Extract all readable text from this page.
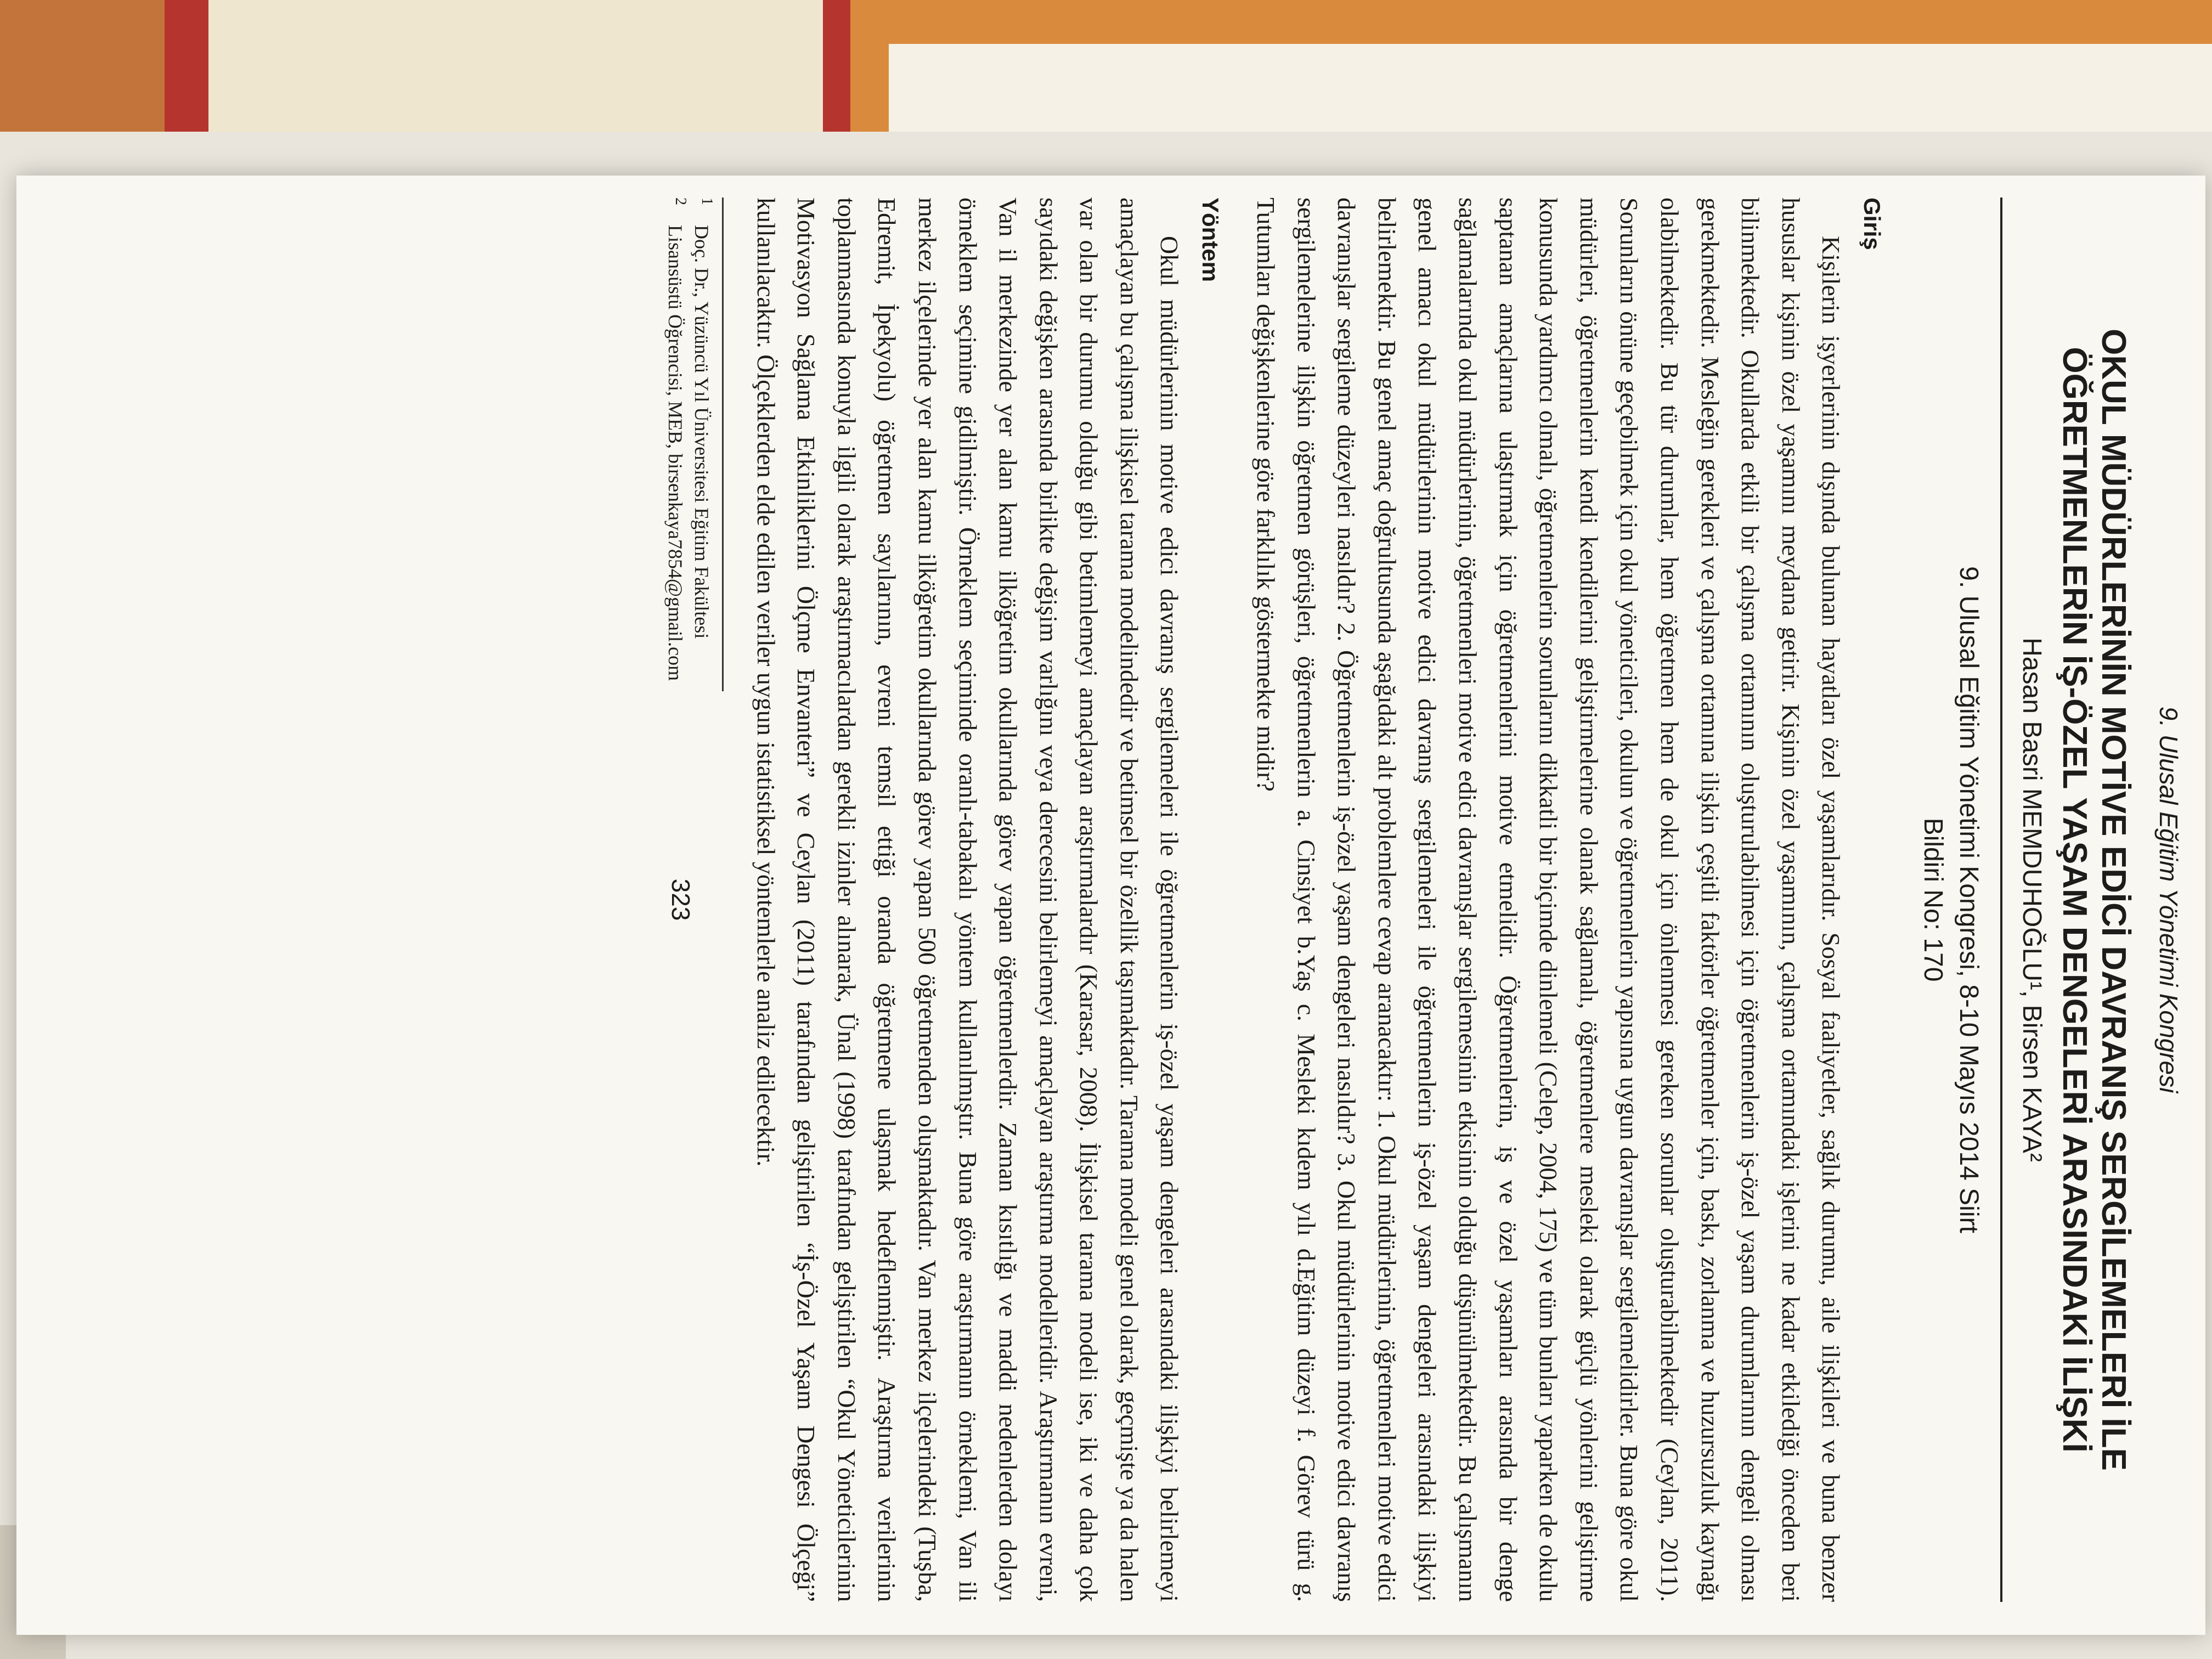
9. Ulusal Eğitim Yönetimi Kongresi

OKUL MÜDÜRLERİNİN MOTİVE EDİCİ DAVRANIŞ SERGİLEMELERİ İLE

ÖĞRETMENLERİN İŞ-ÖZEL YAŞAM DENGELERİ ARASINDAKİ İLİŞKİ

Hasan Basri MEMDUHOĞLU¹, Birsen KAYA²

9. Ulusal Eğitim Yönetimi Kongresi, 8-10 Mayıs 2014 Siirt

Bildiri No: 170

Giriş

Kişilerin işyerlerinin dışında bulunan hayatları özel yaşamlarıdır. Sosyal faaliyetler, sağlık durumu, aile ilişkileri ve buna benzer hususlar kişinin özel yaşamını meydana getirir. Kişinin özel yaşamının, çalışma ortamındaki işlerini ne kadar etkilediği önceden beri bilinmektedir. Okullarda etkili bir çalışma ortamının oluşturulabilmesi için öğretmenlerin iş-özel yaşam durumlarının dengeli olması gerekmektedir. Mesleğin gerekleri ve çalışma ortamına ilişkin çeşitli faktörler öğretmenler için, baskı, zorlanma ve huzursuzluk kaynağı olabilmektedir. Bu tür durumlar, hem öğretmen hem de okul için önlenmesi gereken sorunlar oluşturabilmektedir (Ceylan, 2011). Sorunların önüne geçebilmek için okul yöneticileri, okulun ve öğretmenlerin yapısına uygun davranışlar sergilemelidirler. Buna göre okul müdürleri, öğretmenlerin kendi kendilerini geliştirmelerine olanak sağlamalı, öğretmenlere mesleki olarak güçlü yönlerini geliştirme konusunda yardımcı olmalı, öğretmenlerin sorunlarını dikkatli bir biçimde dinlemeli (Celep, 2004, 175) ve tüm bunları yaparken de okulu saptanan amaçlarına ulaştırmak için öğretmenlerini motive etmelidir. Öğretmenlerin, iş ve özel yaşamları arasında bir denge sağlamalarında okul müdürlerinin, öğretmenleri motive edici davranışlar sergilemesinin etkisinin olduğu düşünülmektedir. Bu çalışmanın genel amacı okul müdürlerinin motive edici davranış sergilemeleri ile öğretmenlerin iş-özel yaşam dengeleri arasındaki ilişkiyi belirlemektir. Bu genel amaç doğrultusunda aşağıdaki alt problemlere cevap aranacaktır: 1. Okul müdürlerinin, öğretmenleri motive edici davranışlar sergileme düzeyleri nasıldır? 2. Öğretmenlerin iş-özel yaşam dengeleri nasıldır? 3. Okul müdürlerinin motive edici davranış sergilemelerine ilişkin öğretmen görüşleri, öğretmenlerin a. Cinsiyet b.Yaş c. Mesleki kıdem yılı d.Eğitim düzeyi f. Görev türü g. Tutumları değişkenlerine göre farklılık göstermekte midir?

Yöntem

Okul müdürlerinin motive edici davranış sergilemeleri ile öğretmenlerin iş-özel yaşam dengeleri arasındaki ilişkiyi belirlemeyi amaçlayan bu çalışma ilişkisel tarama modelindedir ve betimsel bir özellik taşımaktadır. Tarama modeli genel olarak, geçmişte ya da halen var olan bir durumu olduğu gibi betimlemeyi amaçlayan araştırmalardır (Karasar, 2008). İlişkisel tarama modeli ise, iki ve daha çok sayıdaki değişken arasında birlikte değişim varlığını veya derecesini belirlemeyi amaçlayan araştırma modelleridir. Araştırmanın evreni, Van il merkezinde yer alan kamu ilköğretim okullarında görev yapan öğretmenlerdir. Zaman kısıtlığı ve maddi nedenlerden dolayı örneklem seçimine gidilmiştir. Örneklem seçiminde oranlı-tabakalı yöntem kullanılmıştır. Buna göre araştırmanın örneklemi, Van ili merkez ilçelerinde yer alan kamu ilköğretim okullarında görev yapan 500 öğretmenden oluşmaktadır. Van merkez ilçelerindeki (Tuşba, Edremit, İpekyolu) öğretmen sayılarının, evreni temsil ettiği oranda öğretmene ulaşmak hedeflenmiştir. Araştırma verilerinin toplanmasında konuyla ilgili olarak araştırmacılardan gerekli izinler alınarak, Ünal (1998) tarafından geliştirilen “Okul Yöneticilerinin Motivasyon Sağlama Etkinliklerini Ölçme Envanteri” ve Ceylan (2011) tarafından geliştirilen “İş-Özel Yaşam Dengesi Ölçeği” kullanılacaktır. Ölçeklerden elde edilen veriler uygun istatistiksel yöntemlerle analiz edilecektir.

1Doç. Dr., Yüzüncü Yıl Üniversitesi Eğitim Fakültesi

2Lisansüstü Öğrencisi, MEB, birsenkaya7854@gmail.com

323
